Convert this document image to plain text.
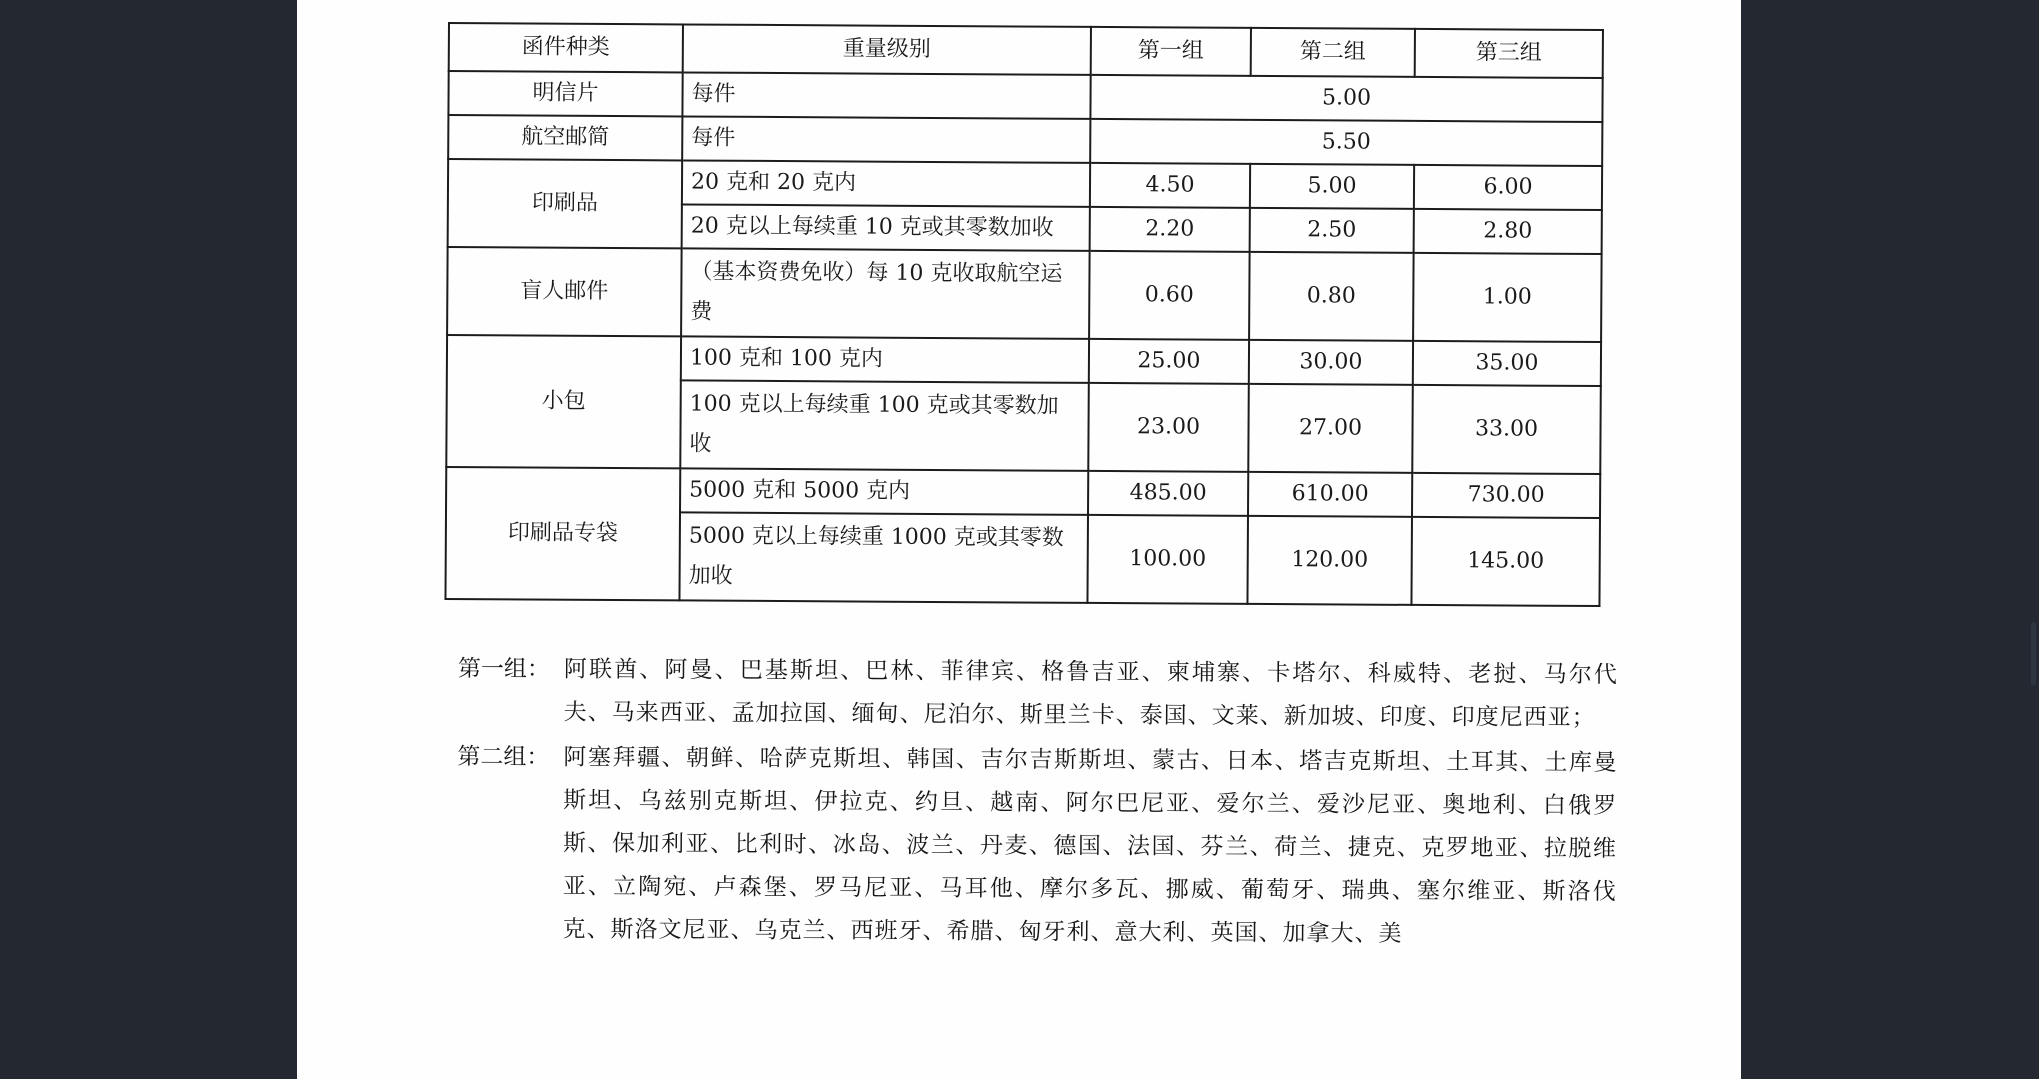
函件种类	重量级别	第一组	第二组	第三组
明信片	每件	5.00		
航空邮简	每件	5.50		
印刷品	20 克和 20 克内	4.50	5.00	6.00
	20 克以上每续重 10 克或其零数加收	2.20	2.50	2.80
盲人邮件	（基本资费免收）每 10 克收取航空运费	0.60	0.80	1.00
小包	100 克和 100 克内	25.00	30.00	35.00
	100 克以上每续重 100 克或其零数加收	23.00	27.00	33.00
印刷品专袋	5000 克和 5000 克内	485.00	610.00	730.00
	5000 克以上每续重 1000 克或其零数加收	100.00	120.00	145.00
第一组： 阿联酋、阿曼、巴基斯坦、巴林、菲律宾、格鲁吉亚、柬埔寨、卡塔尔、科威特、老挝、马尔代夫、马来西亚、孟加拉国、缅甸、尼泊尔、斯里兰卡、泰国、文莱、新加坡、印度、印度尼西亚；
第二组： 阿塞拜疆、朝鲜、哈萨克斯坦、韩国、吉尔吉斯斯坦、蒙古、日本、塔吉克斯坦、土耳其、土库曼斯坦、乌兹别克斯坦、伊拉克、约旦、越南、阿尔巴尼亚、爱尔兰、爱沙尼亚、奥地利、白俄罗斯、保加利亚、比利时、冰岛、波兰、丹麦、德国、法国、芬兰、荷兰、捷克、克罗地亚、拉脱维亚、立陶宛、卢森堡、罗马尼亚、马耳他、摩尔多瓦、挪威、葡萄牙、瑞典、塞尔维亚、斯洛伐克、斯洛文尼亚、乌克兰、西班牙、希腊、匈牙利、意大利、英国、加拿大、美
